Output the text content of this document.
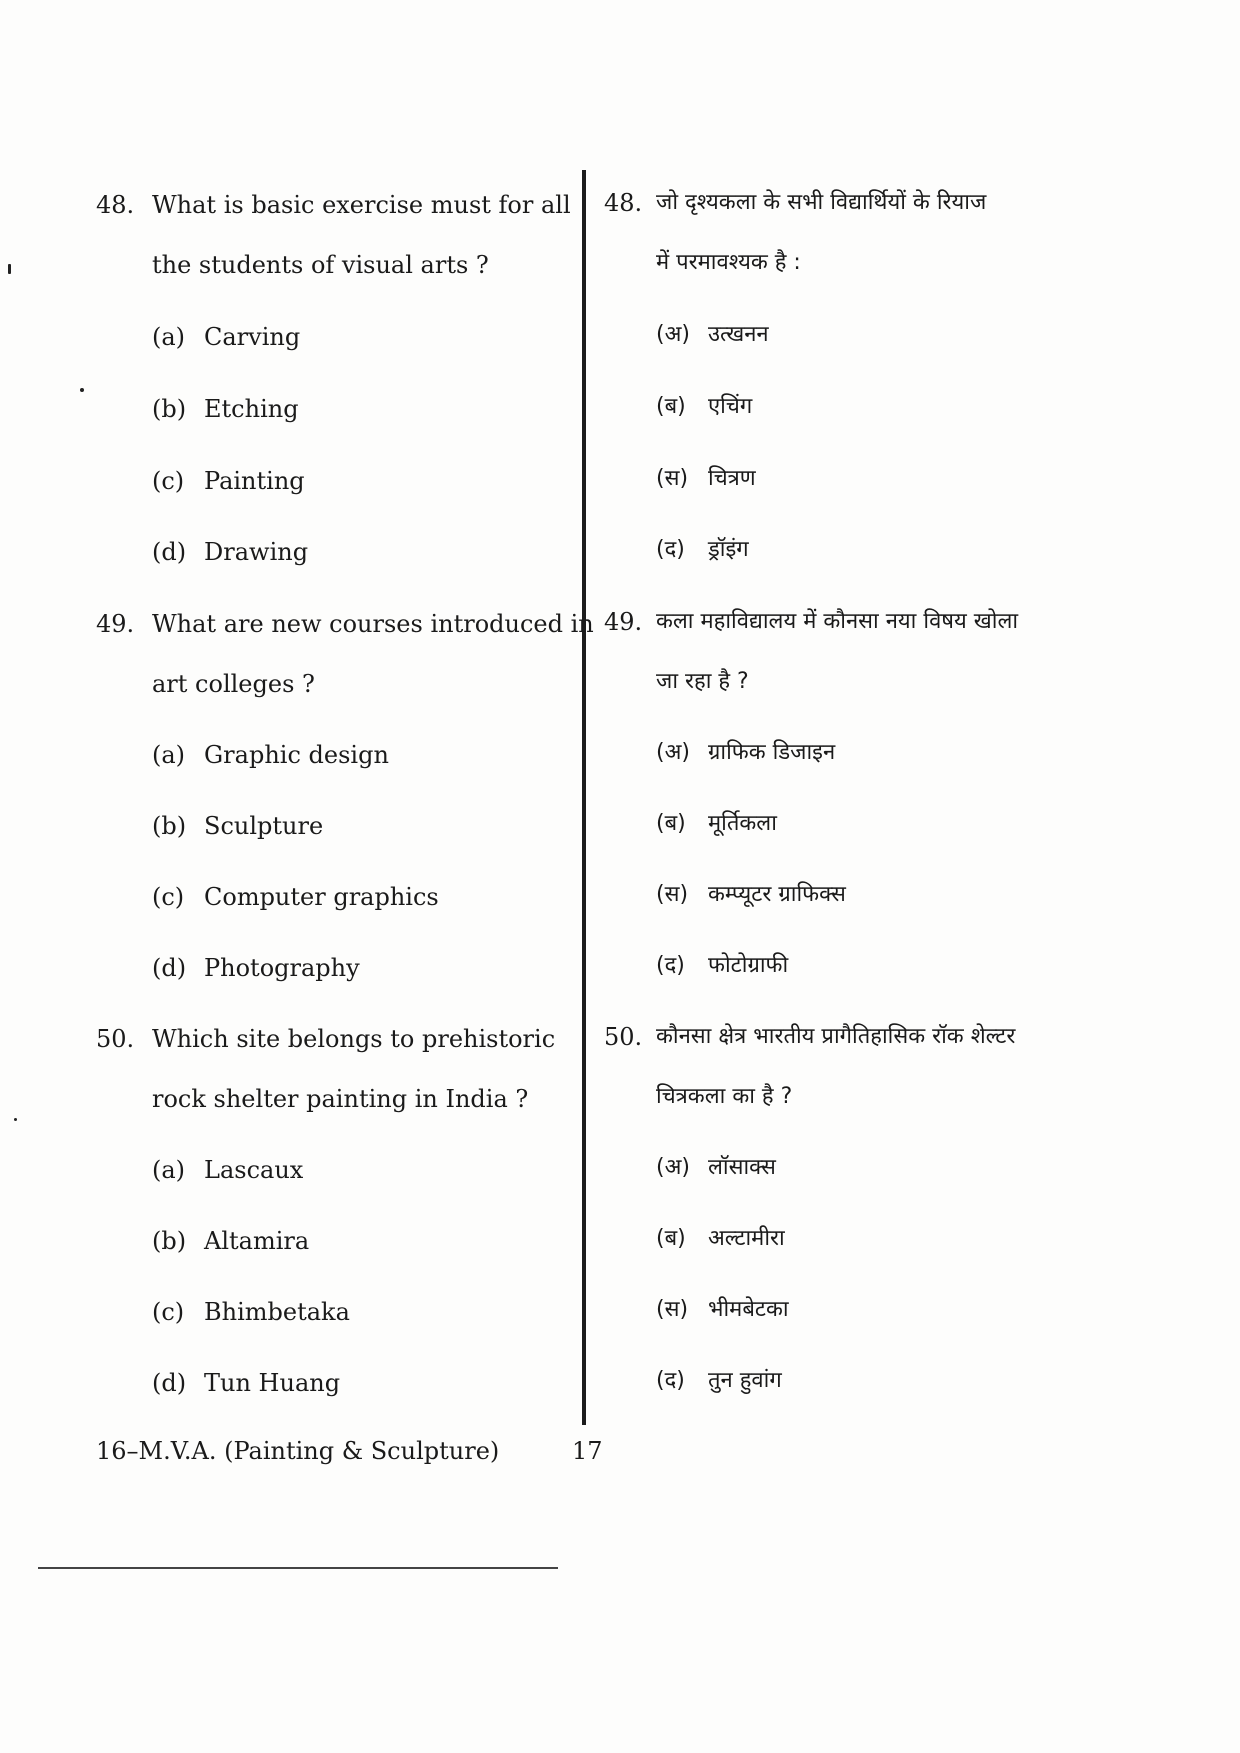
48. What is basic exercise must for all
the students of visual arts ?
(a) Carving
(b) Etching
(c) Painting
(d) Drawing
49. What are new courses introduced in
art colleges ?
(a) Graphic design
(b) Sculpture
(c) Computer graphics
(d) Photography
50. Which site belongs to prehistoric
rock shelter painting in India ?
(a) Lascaux
(b) Altamira
(c) Bhimbetaka
(d) Tun Huang
48. जो दृश्यकला के सभी विद्यार्थियों के रियाज
में परमावश्यक है :
(अ) उत्खनन
(ब) एचिंग
(स) चित्रण
(द) ड्रॉइंग
49. कला महाविद्यालय में कौनसा नया विषय खोला
जा रहा है ?
(अ) ग्राफिक डिजाइन
(ब) मूर्तिकला
(स) कम्प्यूटर ग्राफिक्स
(द) फोटोग्राफी
50. कौनसा क्षेत्र भारतीय प्रागैतिहासिक रॉक शेल्टर
चित्रकला का है ?
(अ) लॉसाक्स
(ब) अल्टामीरा
(स) भीमबेटका
(द) तुन हुवांग
16–M.V.A. (Painting & Sculpture)	17
